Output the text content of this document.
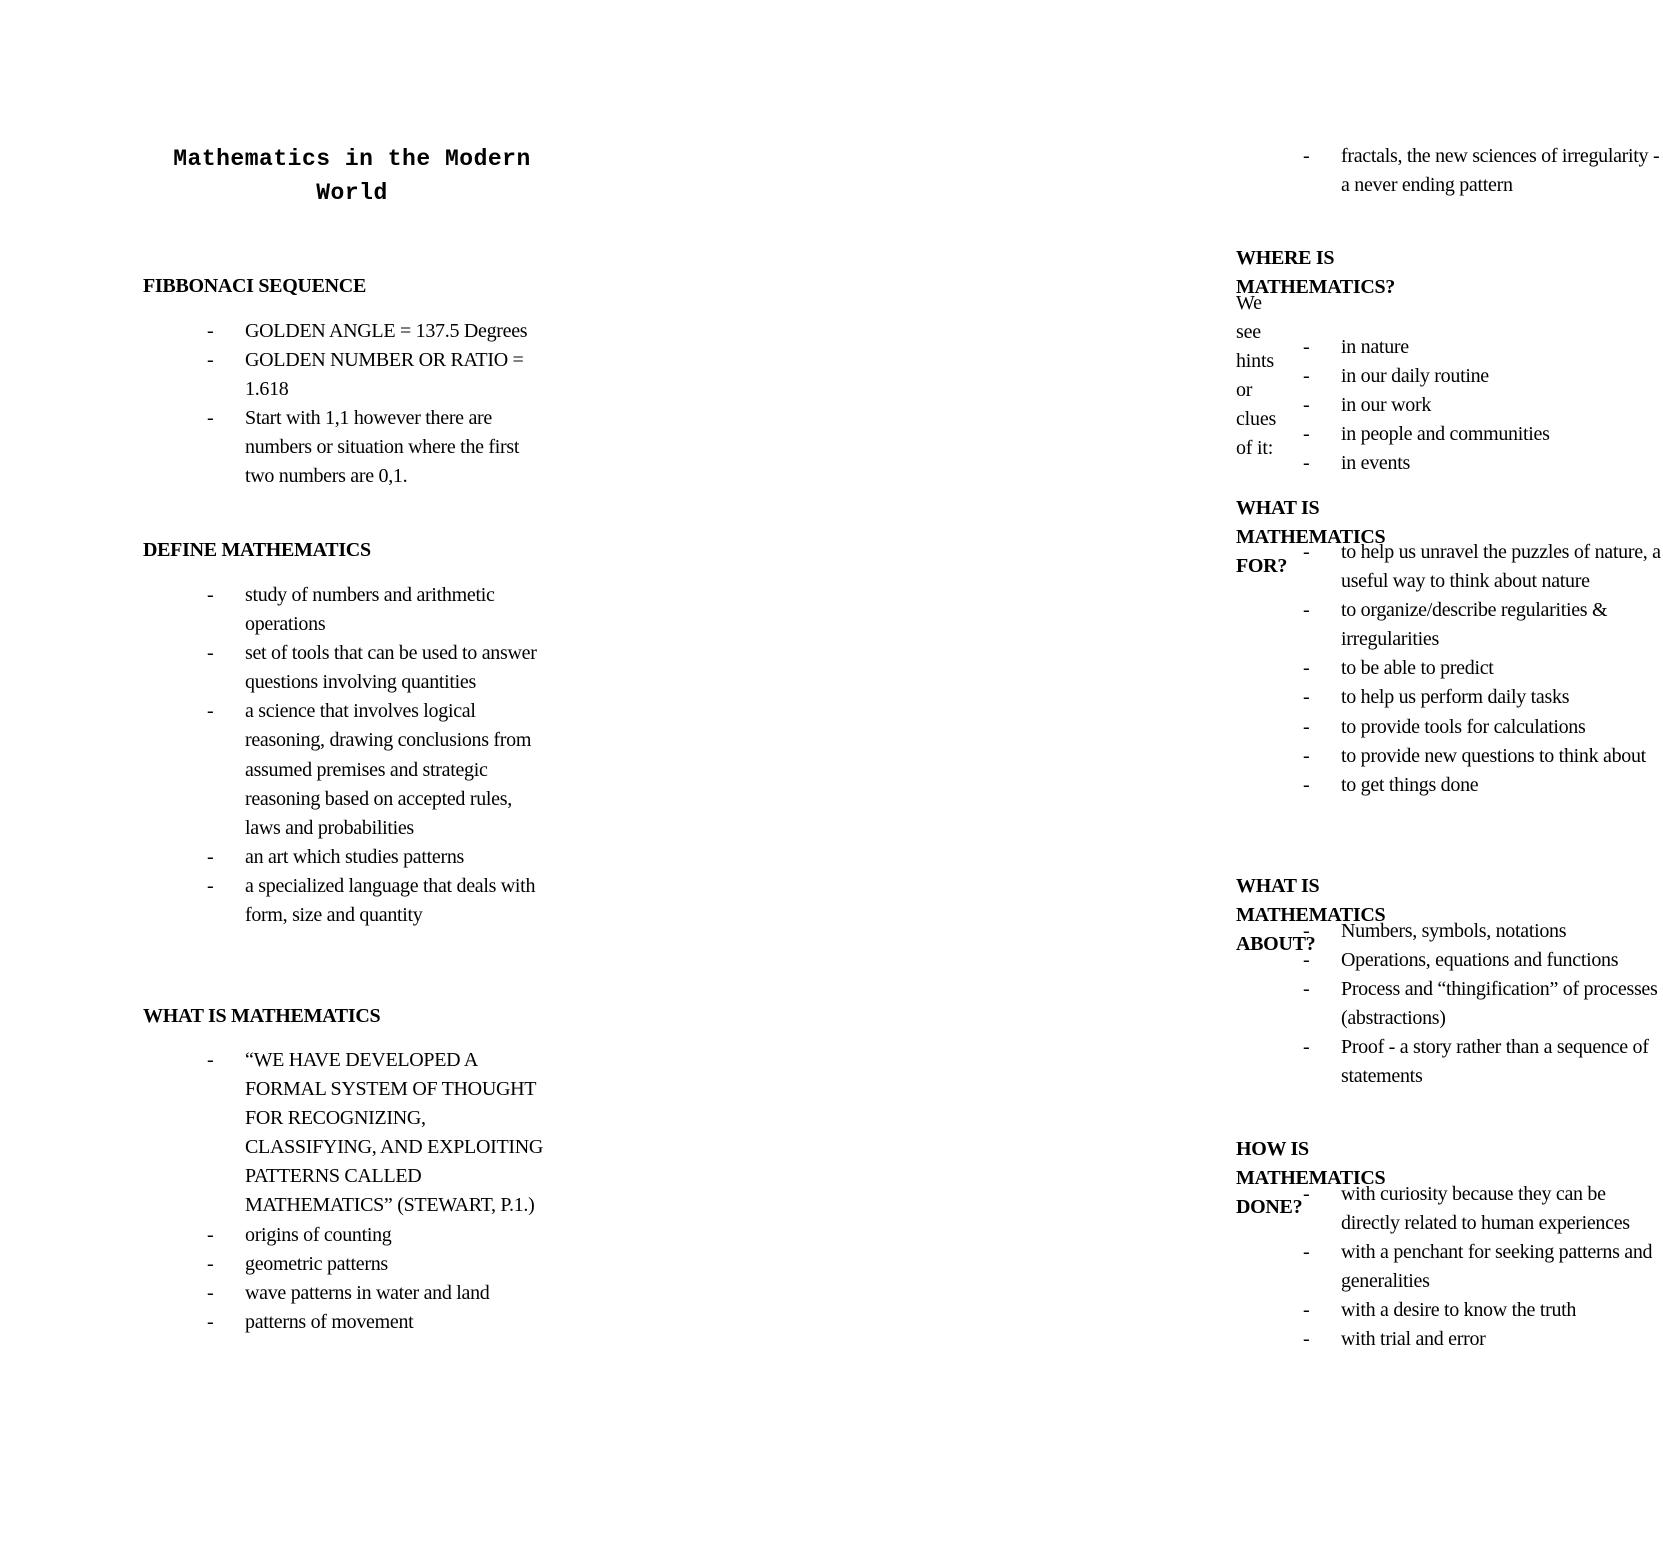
Mathematics in the Modern World
FIBBONACI SEQUENCE
- GOLDEN ANGLE = 137.5 Degrees
- GOLDEN NUMBER OR RATIO = 1.618
- Start with 1,1 however there are numbers or situation where the first two numbers are 0,1.
DEFINE MATHEMATICS
- study of numbers and arithmetic operations
- set of tools that can be used to answer questions involving quantities
- a science that involves logical reasoning, drawing conclusions from assumed premises and strategic reasoning based on accepted rules, laws and probabilities
- an art which studies patterns
- a specialized language that deals with form, size and quantity
WHAT IS MATHEMATICS
- “WE HAVE DEVELOPED A FORMAL SYSTEM OF THOUGHT FOR RECOGNIZING, CLASSIFYING, AND EXPLOITING PATTERNS CALLED MATHEMATICS” (STEWART, P.1.)
- origins of counting
- geometric patterns
- wave patterns in water and land
- patterns of movement
- fractals, the new sciences of irregularity - a never ending pattern
WHERE IS MATHEMATICS?

We see hints or clues of it:

- in nature
- in our daily routine
- in our work
- in people and communities
- in events
WHAT IS MATHEMATICS FOR?
- to help us unravel the puzzles of nature, a useful way to think about nature
- to organize/describe regularities & irregularities
- to be able to predict
- to help us perform daily tasks
- to provide tools for calculations
- to provide new questions to think about
- to get things done
WHAT IS MATHEMATICS ABOUT?
- Numbers, symbols, notations
- Operations, equations and functions
- Process and “thingification” of processes (abstractions)
- Proof - a story rather than a sequence of statements
HOW IS MATHEMATICS DONE?
- with curiosity because they can be directly related to human experiences
- with a penchant for seeking patterns and generalities
- with a desire to know the truth
- with trial and error
